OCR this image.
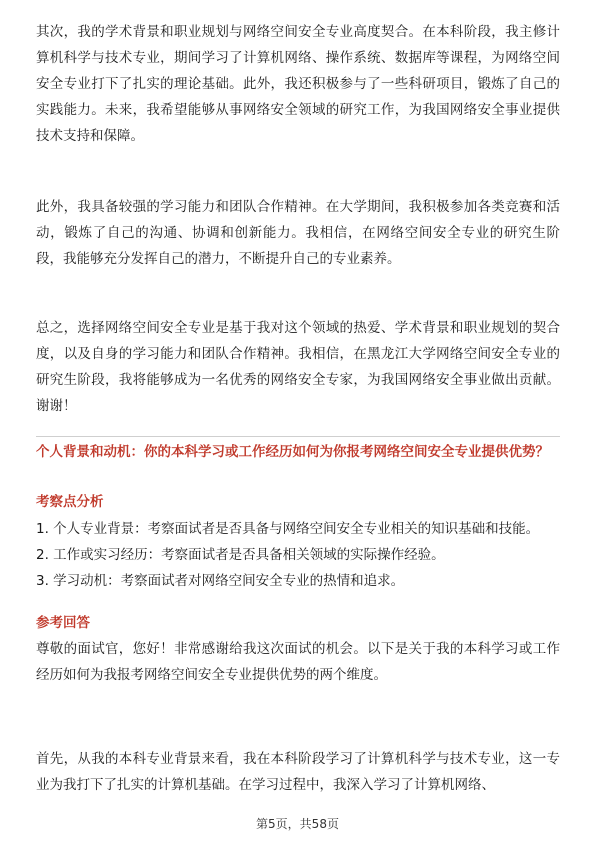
其次，我的学术背景和职业规划与网络空间安全专业高度契合。在本科阶段，我主修计算机科学与技术专业，期间学习了计算机网络、操作系统、数据库等课程，为网络空间安全专业打下了扎实的理论基础。此外，我还积极参与了一些科研项目，锻炼了自己的实践能力。未来，我希望能够从事网络安全领域的研究工作，为我国网络安全事业提供技术支持和保障。

此外，我具备较强的学习能力和团队合作精神。在大学期间，我积极参加各类竞赛和活动，锻炼了自己的沟通、协调和创新能力。我相信，在网络空间安全专业的研究生阶段，我能够充分发挥自己的潜力，不断提升自己的专业素养。

总之，选择网络空间安全专业是基于我对这个领域的热爱、学术背景和职业规划的契合度，以及自身的学习能力和团队合作精神。我相信，在黑龙江大学网络空间安全专业的研究生阶段，我将能够成为一名优秀的网络安全专家，为我国网络安全事业做出贡献。谢谢！

个人背景和动机：你的本科学习或工作经历如何为你报考网络空间安全专业提供优势？
考察点分析
1. 个人专业背景：考察面试者是否具备与网络空间安全专业相关的知识基础和技能。
2. 工作或实习经历：考察面试者是否具备相关领域的实际操作经验。
3. 学习动机：考察面试者对网络空间安全专业的热情和追求。
参考回答

尊敬的面试官，您好！非常感谢给我这次面试的机会。以下是关于我的本科学习或工作经历如何为我报考网络空间安全专业提供优势的两个维度。

首先，从我的本科专业背景来看，我在本科阶段学习了计算机科学与技术专业，这一专业为我打下了扎实的计算机基础。在学习过程中，我深入学习了计算机网络、

第5页，共58页
